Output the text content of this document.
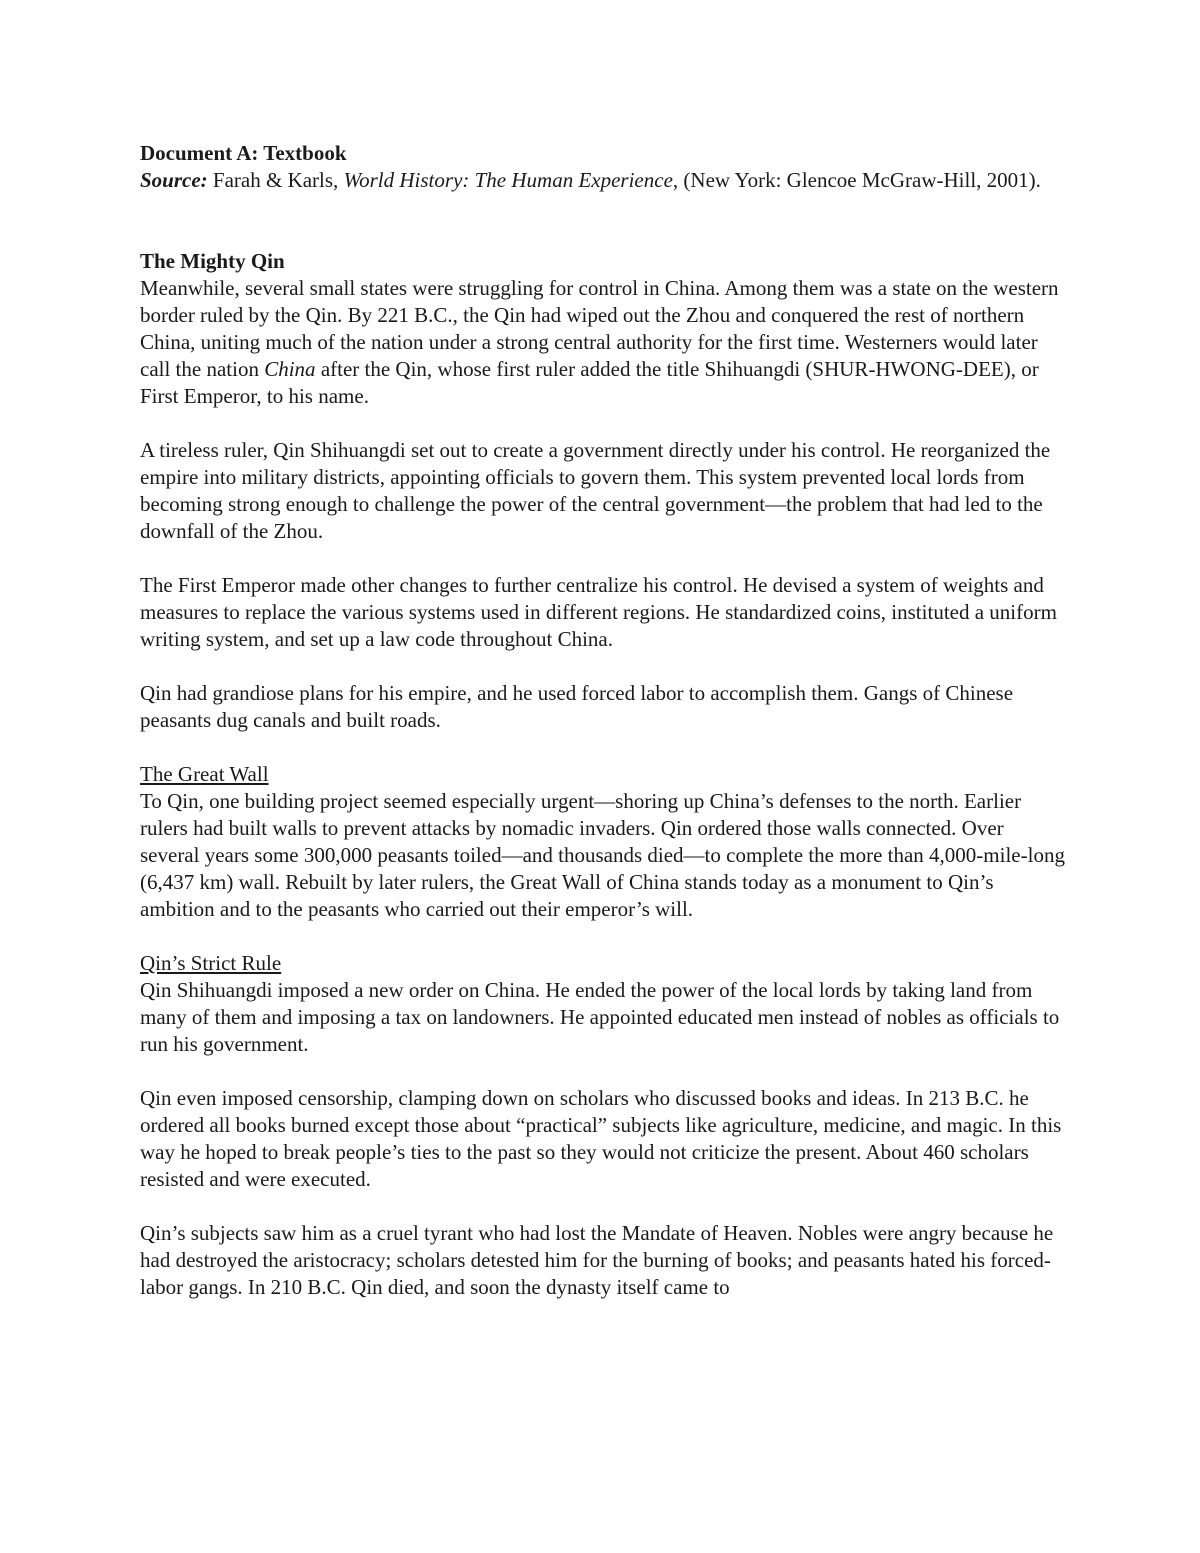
Document A: Textbook

Source: Farah & Karls, World History: The Human Experience, (New York: Glencoe McGraw-Hill, 2001).

The Mighty Qin

Meanwhile, several small states were struggling for control in China. Among them was a state on the western border ruled by the Qin. By 221 B.C., the Qin had wiped out the Zhou and conquered the rest of northern China, uniting much of the nation under a strong central authority for the first time. Westerners would later call the nation China after the Qin, whose first ruler added the title Shihuangdi (SHUR-HWONG-DEE), or First Emperor, to his name.

A tireless ruler, Qin Shihuangdi set out to create a government directly under his control. He reorganized the empire into military districts, appointing officials to govern them. This system prevented local lords from becoming strong enough to challenge the power of the central government—the problem that had led to the downfall of the Zhou.

The First Emperor made other changes to further centralize his control. He devised a system of weights and measures to replace the various systems used in different regions. He standardized coins, instituted a uniform writing system, and set up a law code throughout China.

Qin had grandiose plans for his empire, and he used forced labor to accomplish them. Gangs of Chinese peasants dug canals and built roads.

The Great Wall

To Qin, one building project seemed especially urgent—shoring up China’s defenses to the north. Earlier rulers had built walls to prevent attacks by nomadic invaders. Qin ordered those walls connected. Over several years some 300,000 peasants toiled—and thousands died—to complete the more than 4,000-mile-long (6,437 km) wall. Rebuilt by later rulers, the Great Wall of China stands today as a monument to Qin’s ambition and to the peasants who carried out their emperor’s will.

Qin’s Strict Rule

Qin Shihuangdi imposed a new order on China. He ended the power of the local lords by taking land from many of them and imposing a tax on landowners. He appointed educated men instead of nobles as officials to run his government.

Qin even imposed censorship, clamping down on scholars who discussed books and ideas. In 213 B.C. he ordered all books burned except those about “practical” subjects like agriculture, medicine, and magic. In this way he hoped to break people’s ties to the past so they would not criticize the present. About 460 scholars resisted and were executed.

Qin’s subjects saw him as a cruel tyrant who had lost the Mandate of Heaven. Nobles were angry because he had destroyed the aristocracy; scholars detested him for the burning of books; and peasants hated his forced-labor gangs. In 210 B.C. Qin died, and soon the dynasty itself came to
